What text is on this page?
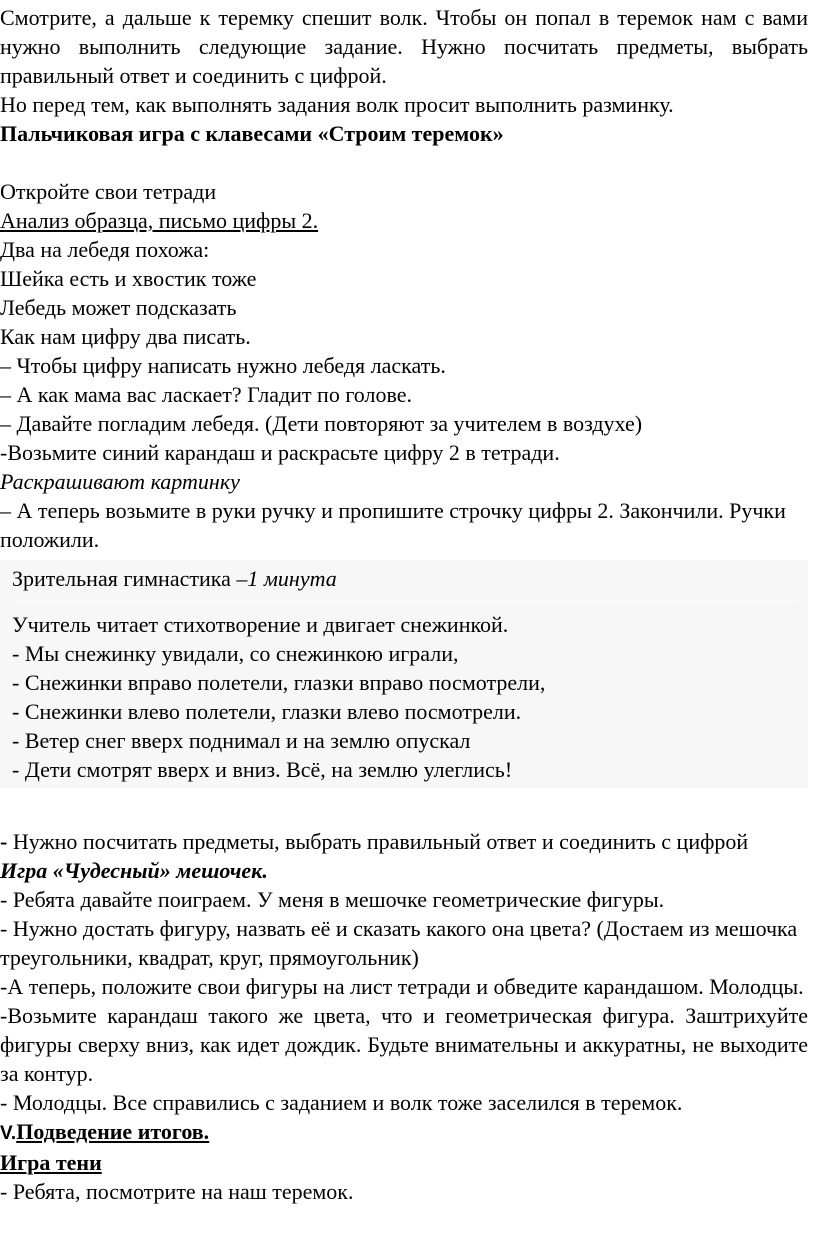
Смотрите, а дальше к теремку спешит волк. Чтобы он попал в теремок нам с вами нужно выполнить следующие задание. Нужно посчитать предметы, выбрать правильный ответ и соединить с цифрой.

Но перед тем, как выполнять задания волк просит выполнить разминку.

Пальчиковая игра с клавесами «Строим теремок»

Откройте свои тетради

Анализ образца, письмо цифры 2.

Два на лебедя похожа:

Шейка есть и хвостик тоже

Лебедь может подсказать

Как нам цифру два писать.

– Чтобы цифру написать нужно лебедя ласкать.

– А как мама вас ласкает? Гладит по голове.

– Давайте погладим лебедя. (Дети повторяют за учителем в воздухе)

-Возьмите синий карандаш и раскрасьте цифру 2 в тетради.

Раскрашивают картинку

– А теперь возьмите в руки ручку и пропишите строчку цифры 2. Закончили. Ручки положили.

Зрительная гимнастика –1 минута

Учитель читает стихотворение и двигает снежинкой.

- Мы снежинку увидали, со снежинкою играли,

- Снежинки вправо полетели, глазки вправо посмотрели,

- Снежинки влево полетели, глазки влево посмотрели.

- Ветер снег вверх поднимал и на землю опускал

- Дети смотрят вверх и вниз. Всё, на землю улеглись!

- Нужно посчитать предметы, выбрать правильный ответ и соединить с цифрой

Игра «Чудесный» мешочек.

- Ребята давайте поиграем. У меня в мешочке геометрические фигуры.

- Нужно достать фигуру, назвать её и сказать какого она цвета? (Достаем из мешочка треугольники, квадрат, круг, прямоугольник)

-А теперь, положите свои фигуры на лист тетради и обведите карандашом. Молодцы.

-Возьмите карандаш такого же цвета, что и геометрическая фигура. Заштрихуйте фигуры сверху вниз, как идет дождик. Будьте внимательны и аккуратны, не выходите за контур.

- Молодцы. Все справились с заданием и волк тоже заселился в теремок.

V.Подведение итогов.

Игра тени

- Ребята, посмотрите на наш теремок.
